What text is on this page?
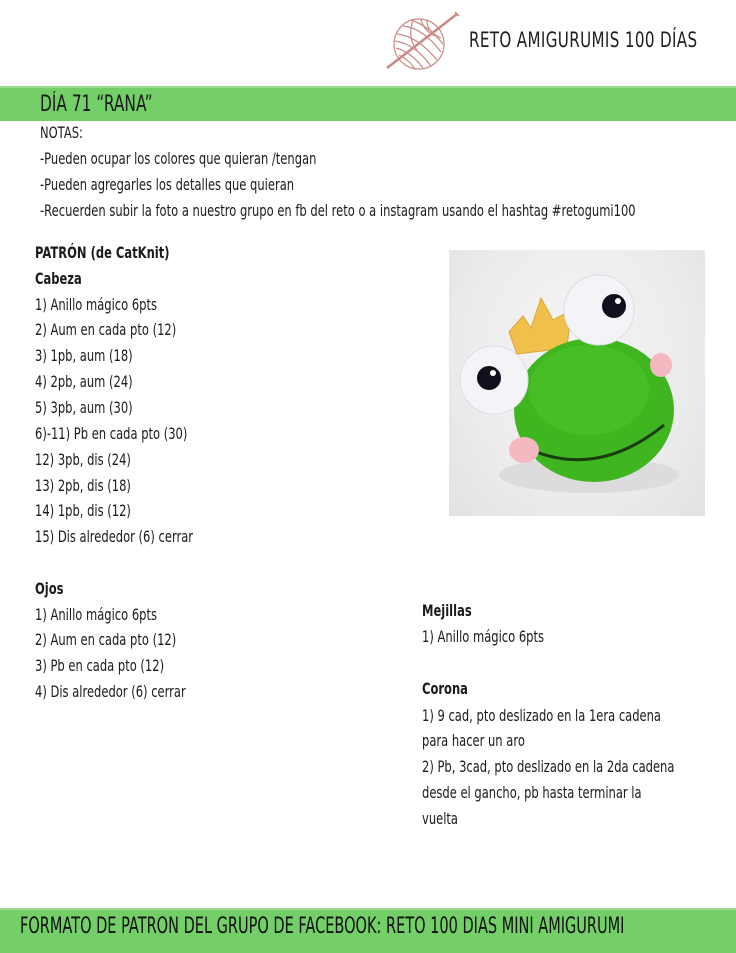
RETO AMIGURUMIS 100 DÍAS
DÍA 71 “RANA”
NOTAS:
-Pueden ocupar los colores que quieran /tengan
-Pueden agregarles los detalles que quieran
-Recuerden subir la foto a nuestro grupo en fb del reto o a instagram usando el hashtag #retogumi100
PATRÓN (de CatKnit)
Cabeza
1) Anillo mágico 6pts
2) Aum en cada pto (12)
3) 1pb, aum (18)
4) 2pb, aum (24)
5) 3pb, aum (30)
6)-11) Pb en cada pto (30)
12) 3pb, dis (24)
13) 2pb, dis (18)
14) 1pb, dis (12)
15) Dis alrededor (6) cerrar
Ojos
1) Anillo mágico 6pts
2) Aum en cada pto (12)
3) Pb en cada pto (12)
4) Dis alrededor (6) cerrar
Mejillas
1) Anillo mágico 6pts
Corona
1) 9 cad, pto deslizado en la 1era cadena
para hacer un aro
2) Pb, 3cad, pto deslizado en la 2da cadena
desde el gancho, pb hasta terminar la
vuelta
FORMATO DE PATRON DEL GRUPO DE FACEBOOK: RETO 100 DIAS MINI AMIGURUMI
